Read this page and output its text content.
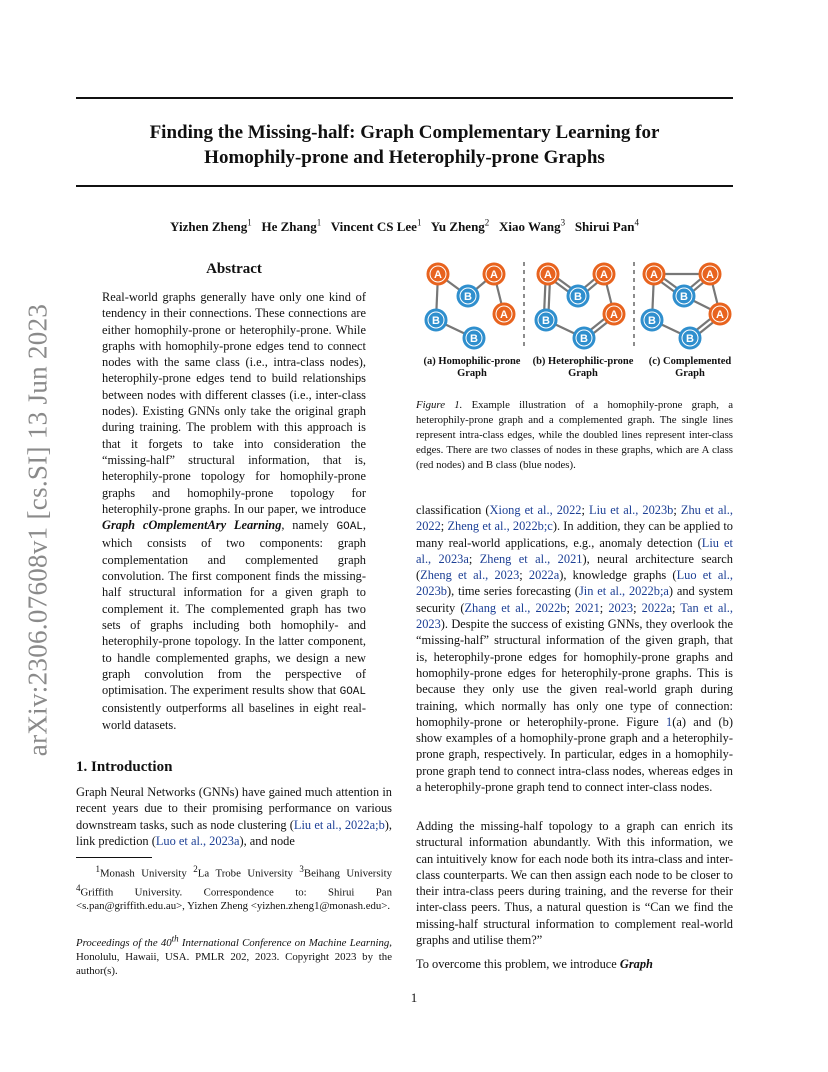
arXiv:2306.07608v1 [cs.SI] 13 Jun 2023
Finding the Missing-half: Graph Complementary Learning for
Homophily-prone and Heterophily-prone Graphs
Yizhen Zheng$^1$ He Zhang$^1$ Vincent CS Lee$^1$ Yu Zheng$^2$ Xiao Wang$^3$ Shirui Pan$^4$
Abstract
Real-world graphs generally have only one kind of tendency in their connections. These connections are either homophily-prone or heterophily-prone. While graphs with homophily-prone edges tend to connect nodes with the same class (i.e., intra-class nodes), heterophily-prone edges tend to build relationships between nodes with different classes (i.e., inter-class nodes). Existing GNNs only take the original graph during training. The problem with this approach is that it forgets to take into consideration the “missing-half” structural information, that is, heterophily-prone topology for homophily-prone graphs and homophily-prone topology for heterophily-prone graphs. In our paper, we introduce Graph cOmplementAry Learning, namely GOAL, which consists of two components: graph complementation and complemented graph convolution. The first component finds the missing-half structural information for a given graph to complement it. The complemented graph has two sets of graphs including both homophily- and heterophily-prone topology. In the latter component, to handle complemented graphs, we design a new graph convolution from the perspective of optimisation. The experiment results show that GOAL consistently outperforms all baselines in eight real-world datasets.
1. Introduction
Graph Neural Networks (GNNs) have gained much attention in recent years due to their promising performance on various downstream tasks, such as node clustering (Liu et al., 2022a;b), link prediction (Luo et al., 2023a), and node
$^1$Monash University $^2$La Trobe University $^3$Beihang University $^4$Griffith University. Correspondence to: Shirui Pan <s.pan@griffith.edu.au>, Yizhen Zheng <yizhen.zheng1@monash.edu>.
Proceedings of the 40th International Conference on Machine Learning, Honolulu, Hawaii, USA. PMLR 202, 2023. Copyright 2023 by the author(s).
A	A
B
B
B
A
A	A
B
B
B
A
A	A
B
B
B
A
(a) Homophilic-prone
Graph
(b) Heterophilic-prone
Graph
(c) Complemented
Graph
Figure 1. Example illustration of a homophily-prone graph, a heterophily-prone graph and a complemented graph. The single lines represent intra-class edges, while the doubled lines represent inter-class edges. There are two classes of nodes in these graphs, which are A class (red nodes) and B class (blue nodes).
classification (Xiong et al., 2022; Liu et al., 2023b; Zhu et al., 2022; Zheng et al., 2022b;c). In addition, they can be applied to many real-world applications, e.g., anomaly detection (Liu et al., 2023a; Zheng et al., 2021), neural architecture search (Zheng et al., 2023; 2022a), knowledge graphs (Luo et al., 2023b), time series forecasting (Jin et al., 2022b;a) and system security (Zhang et al., 2022b; 2021; 2023; 2022a; Tan et al., 2023). Despite the success of existing GNNs, they overlook the “missing-half” structural information of the given graph, that is, heterophily-prone edges for homophily-prone graphs and homophily-prone edges for heterophily-prone graphs. This is because they only use the given real-world graph during training, which normally has only one type of connection: homophily-prone or heterophily-prone. Figure 1(a) and (b) show examples of a homophily-prone graph and a heterophily-prone graph, respectively. In particular, edges in a homophily-prone graph tend to connect intra-class nodes, whereas edges in a heterophily-prone graph tend to connect inter-class nodes.
Adding the missing-half topology to a graph can enrich its structural information abundantly. With this information, we can intuitively know for each node both its intra-class and inter-class counterparts. We can then assign each node to be closer to their intra-class peers during training, and the reverse for their inter-class peers. Thus, a natural question is “Can we find the missing-half structural information to complement real-world graphs and utilise them?”
To overcome this problem, we introduce Graph
1
